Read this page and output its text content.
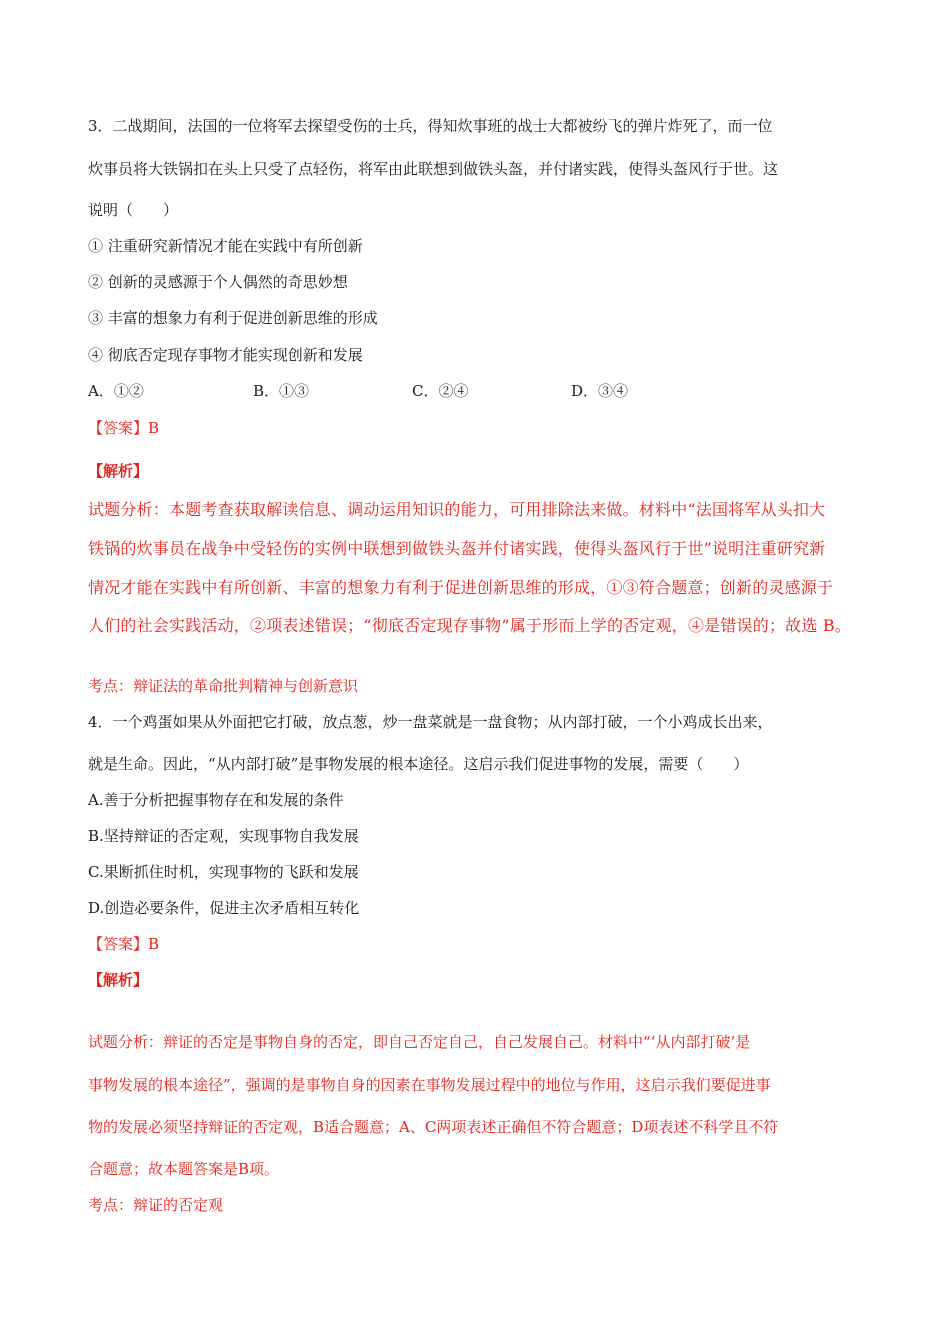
3．二战期间，法国的一位将军去探望受伤的士兵，得知炊事班的战士大都被纷飞的弹片炸死了，而一位
炊事员将大铁锅扣在头上只受了点轻伤，将军由此联想到做铁头盔，并付诸实践，使得头盔风行于世。这
说明（　　）
① 注重研究新情况才能在实践中有所创新
② 创新的灵感源于个人偶然的奇思妙想
③ 丰富的想象力有利于促进创新思维的形成
④ 彻底否定现存事物才能实现创新和发展
A．①②	B．①③	C．②④	D．③④
【答案】B
【解析】
试题分析：本题考查获取解读信息、调动运用知识的能力，可用排除法来做。材料中“法国将军从头扣大
铁锅的炊事员在战争中受轻伤的实例中联想到做铁头盔并付诸实践，使得头盔风行于世”说明注重研究新
情况才能在实践中有所创新、丰富的想象力有利于促进创新思维的形成，①③符合题意；创新的灵感源于
人们的社会实践活动，②项表述错误；“彻底否定现存事物”属于形而上学的否定观，④是错误的；故选 B。
考点：辩证法的革命批判精神与创新意识
4．一个鸡蛋如果从外面把它打破，放点葱，炒一盘菜就是一盘食物；从内部打破，一个小鸡成长出来，
就是生命。因此，“从内部打破”是事物发展的根本途径。这启示我们促进事物的发展，需要（　　）
A.善于分析把握事物存在和发展的条件
B.坚持辩证的否定观，实现事物自我发展
C.果断抓住时机，实现事物的飞跃和发展
D.创造必要条件，促进主次矛盾相互转化
【答案】B
【解析】
试题分析：辩证的否定是事物自身的否定，即自己否定自己，自己发展自己。材料中“‘从内部打破’是
事物发展的根本途径”，强调的是事物自身的因素在事物发展过程中的地位与作用，这启示我们要促进事
物的发展必须坚持辩证的否定观，B适合题意；A、C两项表述正确但不符合题意；D项表述不科学且不符
合题意；故本题答案是B项。
考点：辩证的否定观
